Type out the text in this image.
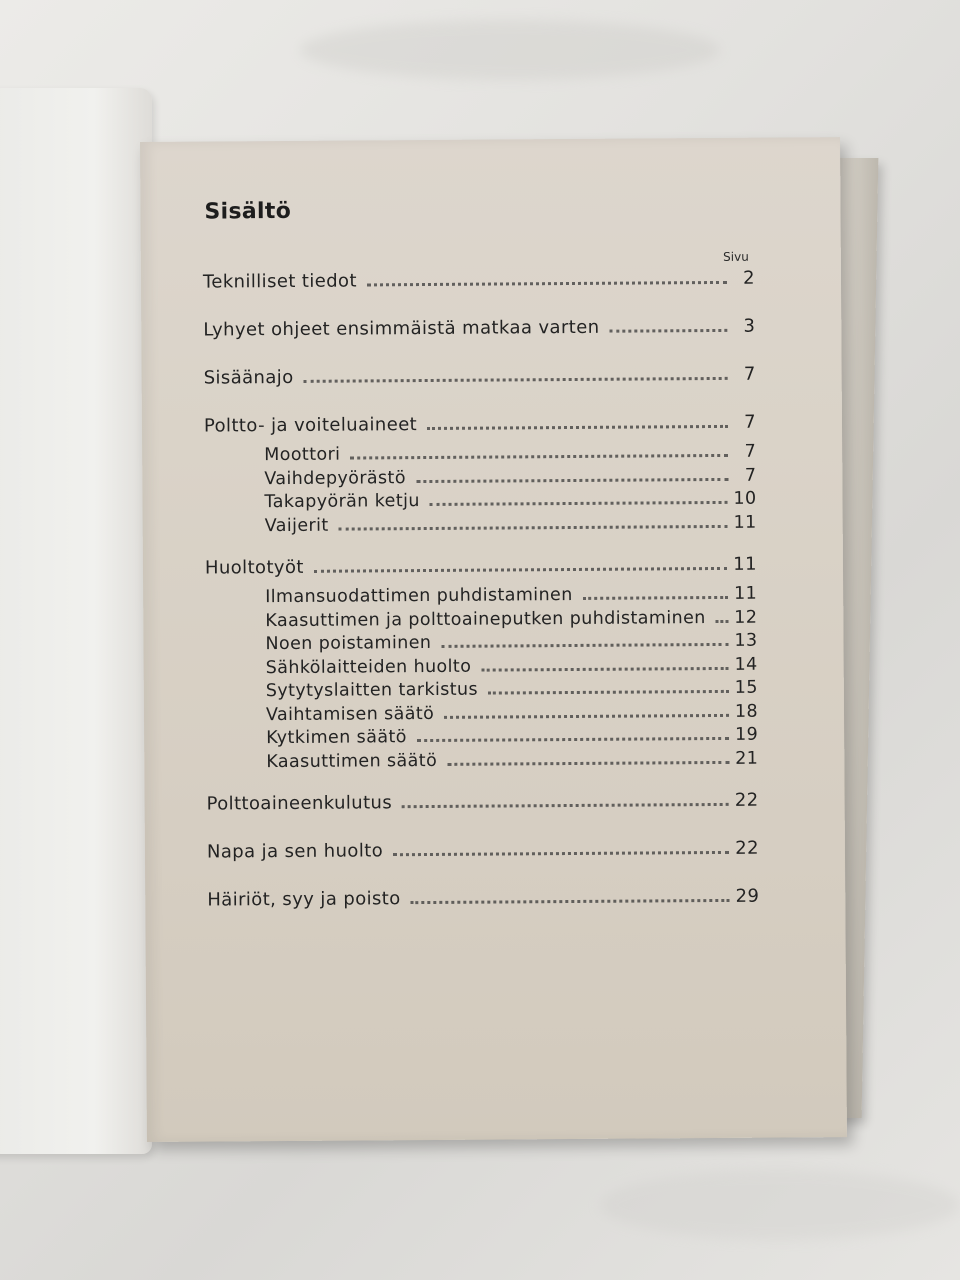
Sisältö
Sivu
Teknilliset tiedot	2
Lyhyet ohjeet ensimmäistä matkaa varten	3
Sisäänajo	7
Poltto- ja voiteluaineet	7
Moottori	7
Vaihdepyörästö	7
Takapyörän ketju	10
Vaijerit	11
Huoltotyöt	11
Ilmansuodattimen puhdistaminen	11
Kaasuttimen ja polttoaineputken puhdistaminen 12
Noen poistaminen	13
Sähkölaitteiden huolto	14
Sytytyslaitten tarkistus	15
Vaihtamisen säätö	18
Kytkimen säätö	19
Kaasuttimen säätö	21
Polttoaineenkulutus	22
Napa ja sen huolto	22
Häiriöt, syy ja poisto	29
